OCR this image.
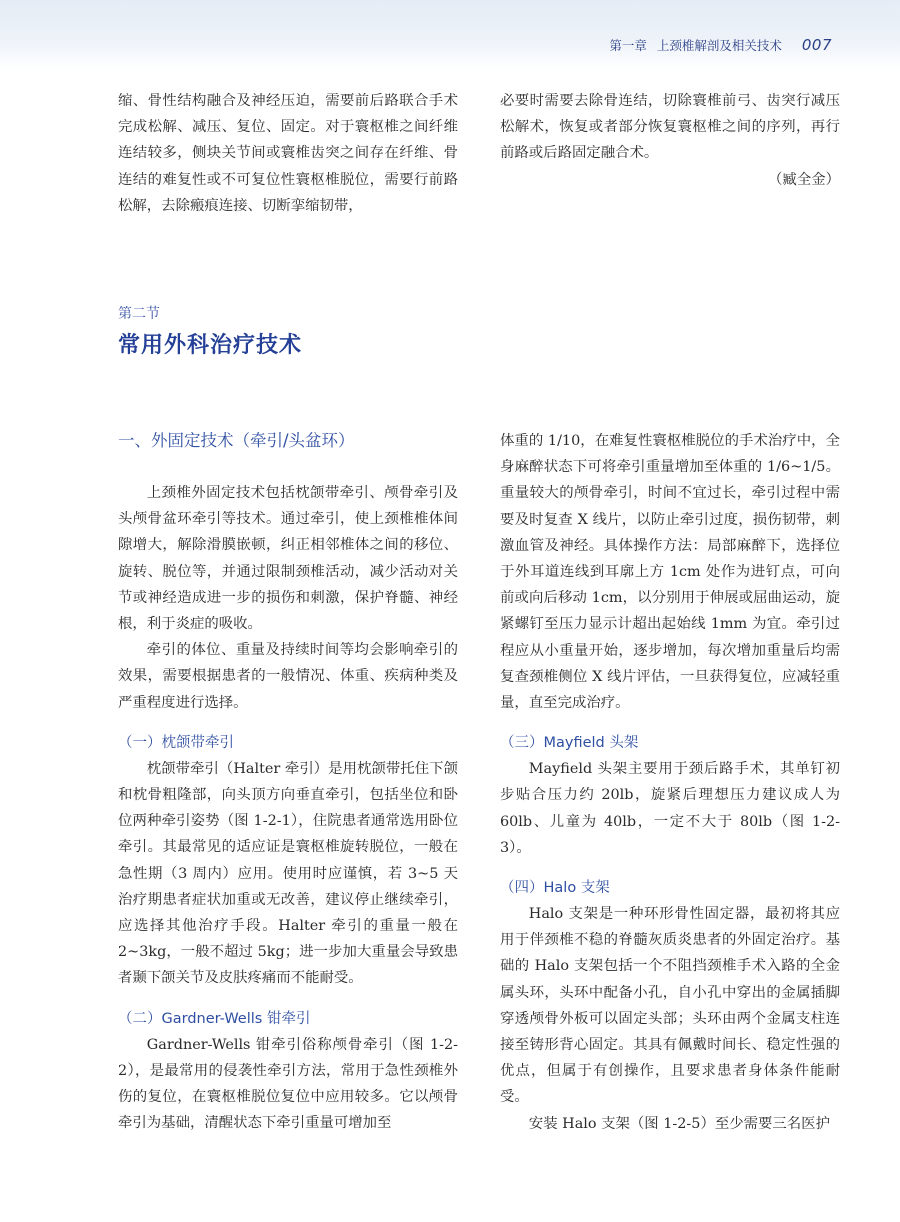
第一章 上颈椎解剖及相关技术 007

缩、骨性结构融合及神经压迫，需要前后路联合手术完成松解、减压、复位、固定。对于寰枢椎之间纤维连结较多，侧块关节间或寰椎齿突之间存在纤维、骨连结的难复性或不可复位性寰枢椎脱位，需要行前路松解，去除瘢痕连接、切断挛缩韧带，

必要时需要去除骨连结，切除寰椎前弓、齿突行减压松解术，恢复或者部分恢复寰枢椎之间的序列，再行前路或后路固定融合术。

（臧全金）

第二节
常用外科治疗技术

一、外固定技术（牵引/头盆环）

上颈椎外固定技术包括枕颌带牵引、颅骨牵引及头颅骨盆环牵引等技术。通过牵引，使上颈椎椎体间隙增大，解除滑膜嵌顿，纠正相邻椎体之间的移位、旋转、脱位等，并通过限制颈椎活动，减少活动对关节或神经造成进一步的损伤和刺激，保护脊髓、神经根，利于炎症的吸收。

牵引的体位、重量及持续时间等均会影响牵引的效果，需要根据患者的一般情况、体重、疾病种类及严重程度进行选择。

（一）枕颌带牵引

枕颌带牵引（Halter 牵引）是用枕颌带托住下颌和枕骨粗隆部，向头顶方向垂直牵引，包括坐位和卧位两种牵引姿势（图 1-2-1），住院患者通常选用卧位牵引。其最常见的适应证是寰枢椎旋转脱位，一般在急性期（3 周内）应用。使用时应谨慎，若 3~5 天治疗期患者症状加重或无改善，建议停止继续牵引，应选择其他治疗手段。Halter 牵引的重量一般在 2~3kg，一般不超过 5kg；进一步加大重量会导致患者颞下颌关节及皮肤疼痛而不能耐受。

（二）Gardner-Wells 钳牵引

Gardner-Wells 钳牵引俗称颅骨牵引（图 1-2-2），是最常用的侵袭性牵引方法，常用于急性颈椎外伤的复位，在寰枢椎脱位复位中应用较多。它以颅骨牵引为基础，清醒状态下牵引重量可增加至

体重的 1/10，在难复性寰枢椎脱位的手术治疗中，全身麻醉状态下可将牵引重量增加至体重的 1/6~1/5。重量较大的颅骨牵引，时间不宜过长，牵引过程中需要及时复查 X 线片，以防止牵引过度，损伤韧带，刺激血管及神经。具体操作方法：局部麻醉下，选择位于外耳道连线到耳廓上方 1cm 处作为进钉点，可向前或向后移动 1cm，以分别用于伸展或屈曲运动，旋紧螺钉至压力显示计超出起始线 1mm 为宜。牵引过程应从小重量开始，逐步增加，每次增加重量后均需复查颈椎侧位 X 线片评估，一旦获得复位，应减轻重量，直至完成治疗。

（三）Mayfield 头架

Mayfield 头架主要用于颈后路手术，其单钉初步贴合压力约 20lb，旋紧后理想压力建议成人为 60lb、儿童为 40lb，一定不大于 80lb（图 1-2-3）。

（四）Halo 支架

Halo 支架是一种环形骨性固定器，最初将其应用于伴颈椎不稳的脊髓灰质炎患者的外固定治疗。基础的 Halo 支架包括一个不阻挡颈椎手术入路的全金属头环，头环中配备小孔，自小孔中穿出的金属插脚穿透颅骨外板可以固定头部；头环由两个金属支柱连接至铸形背心固定。其具有佩戴时间长、稳定性强的优点，但属于有创操作，且要求患者身体条件能耐受。

安装 Halo 支架（图 1-2-5）至少需要三名医护
